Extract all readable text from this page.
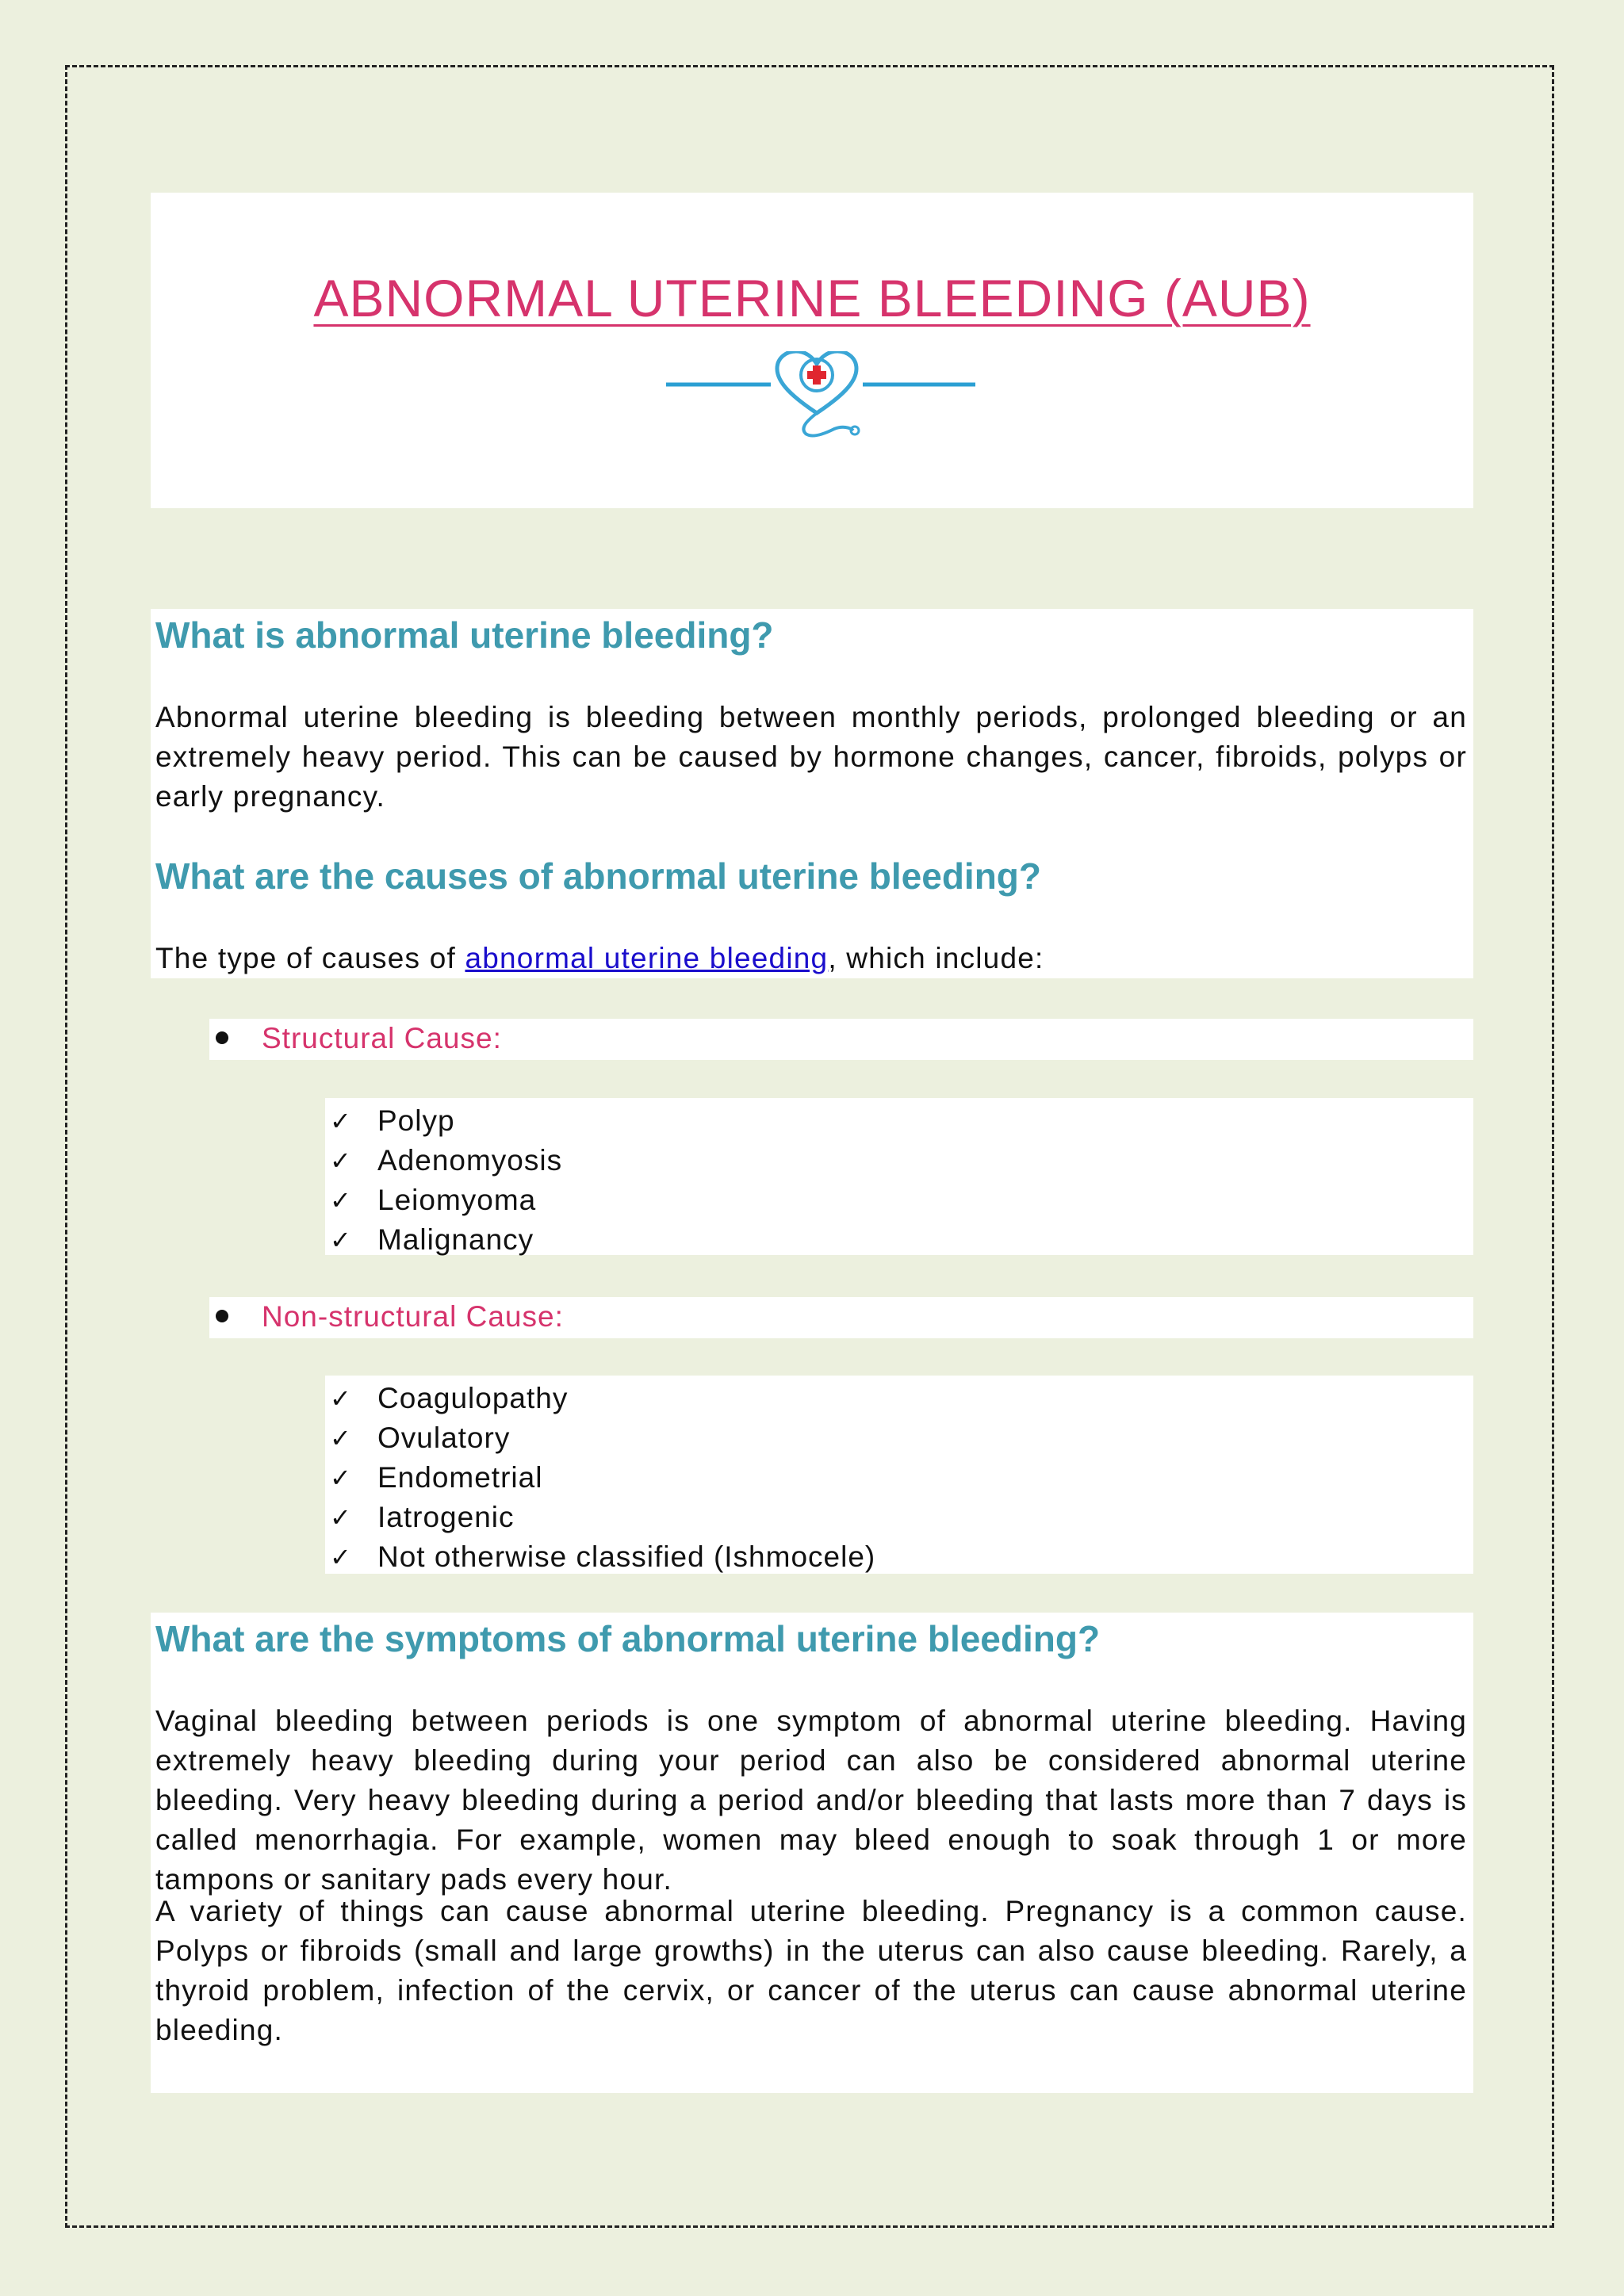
ABNORMAL UTERINE BLEEDING (AUB)
What is abnormal uterine bleeding?

Abnormal uterine bleeding is bleeding between monthly periods, prolonged bleeding or an extremely heavy period. This can be caused by hormone changes, cancer, fibroids, polyps or early pregnancy.

What are the causes of abnormal uterine bleeding?

The type of causes of abnormal uterine bleeding, which include:

Structural Cause:
✓ Polyp
✓ Adenomyosis
✓ Leiomyoma
✓ Malignancy
Non-structural Cause:
✓ Coagulopathy
✓ Ovulatory
✓ Endometrial
✓ Iatrogenic
✓ Not otherwise classified (Ishmocele)
What are the symptoms of abnormal uterine bleeding?

Vaginal bleeding between periods is one symptom of abnormal uterine bleeding. Having extremely heavy bleeding during your period can also be considered abnormal uterine bleeding. Very heavy bleeding during a period and/or bleeding that lasts more than 7 days is called menorrhagia. For example, women may bleed enough to soak through 1 or more tampons or sanitary pads every hour.

A variety of things can cause abnormal uterine bleeding. Pregnancy is a common cause. Polyps or fibroids (small and large growths) in the uterus can also cause bleeding. Rarely, a thyroid problem, infection of the cervix, or cancer of the uterus can cause abnormal uterine bleeding.
